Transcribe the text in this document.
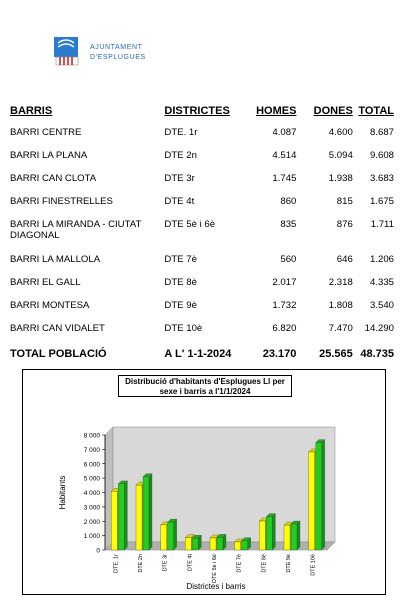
AJUNTAMENT
D'ESPLUGUES
BARRIS	DISTRICTES	HOMES	DONES	TOTAL

BARRI CENTRE	DTE. 1r	4.087	4.600	8.687
BARRI LA PLANA	DTE 2n	4.514	5.094	9.608
BARRI CAN CLOTA	DTE 3r	1.745	1.938	3.683
BARRI FINESTRELLES	DTE 4t	860	815	1.675
BARRI LA MIRANDA - CIUTAT DIAGONAL	DTE 5è i 6è	835	876	1.711
BARRI LA MALLOLA	DTE 7è	560	646	1.206
BARRI EL GALL	DTE 8è	2.017	2.318	4.335
BARRI MONTESA	DTE 9è	1.732	1.808	3.540
BARRI CAN VIDALET	DTE 10è	6.820	7.470	14.290
TOTAL POBLACIÓ	A L' 1-1-2024	23.170	25.565	48.735
0
1 000
2 000
3 000
4 000
5 000
6 000
7 000
8 000
Habitants
Districtes i barris
DTE. 1r	DTE 2n	DTE 3r	DTE 4t	DTE 5è i 6è	DTE 7è	DTE 8è	DTE 9è	DTE 10è
Distribució d'habitants d'Esplugues Ll per sexe i barris a l'1/1/2024
